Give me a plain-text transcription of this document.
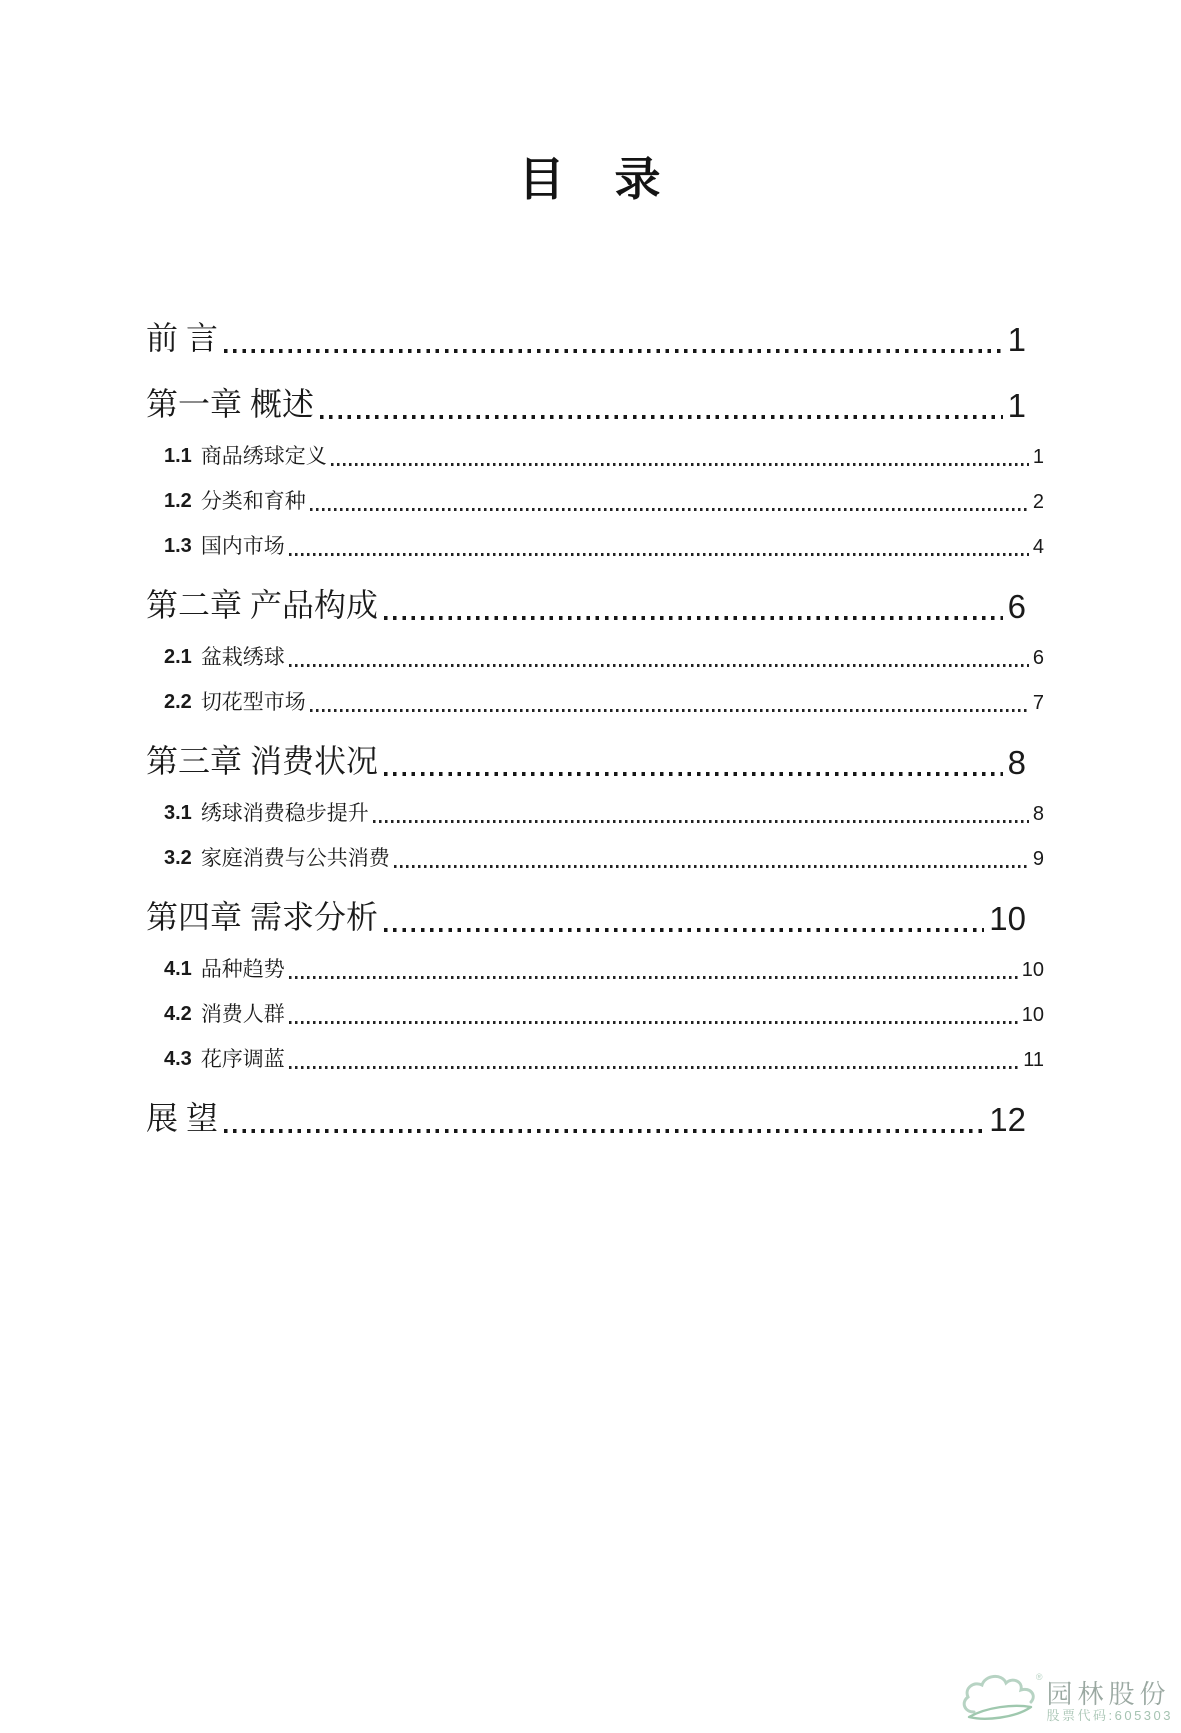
目　录
前 言	1
第一章 概述	1
1.1 商品绣球定义	1
1.2 分类和育种	2
1.3 国内市场	4
第二章 产品构成	6
2.1 盆栽绣球	6
2.2 切花型市场	7
第三章 消费状况	8
3.1 绣球消费稳步提升	8
3.2 家庭消费与公共消费	9
第四章 需求分析	10
4.1 品种趋势	10
4.2 消费人群	10
4.3 花序调蓝	11
展 望	12
®
园林股份
股票代码:605303
